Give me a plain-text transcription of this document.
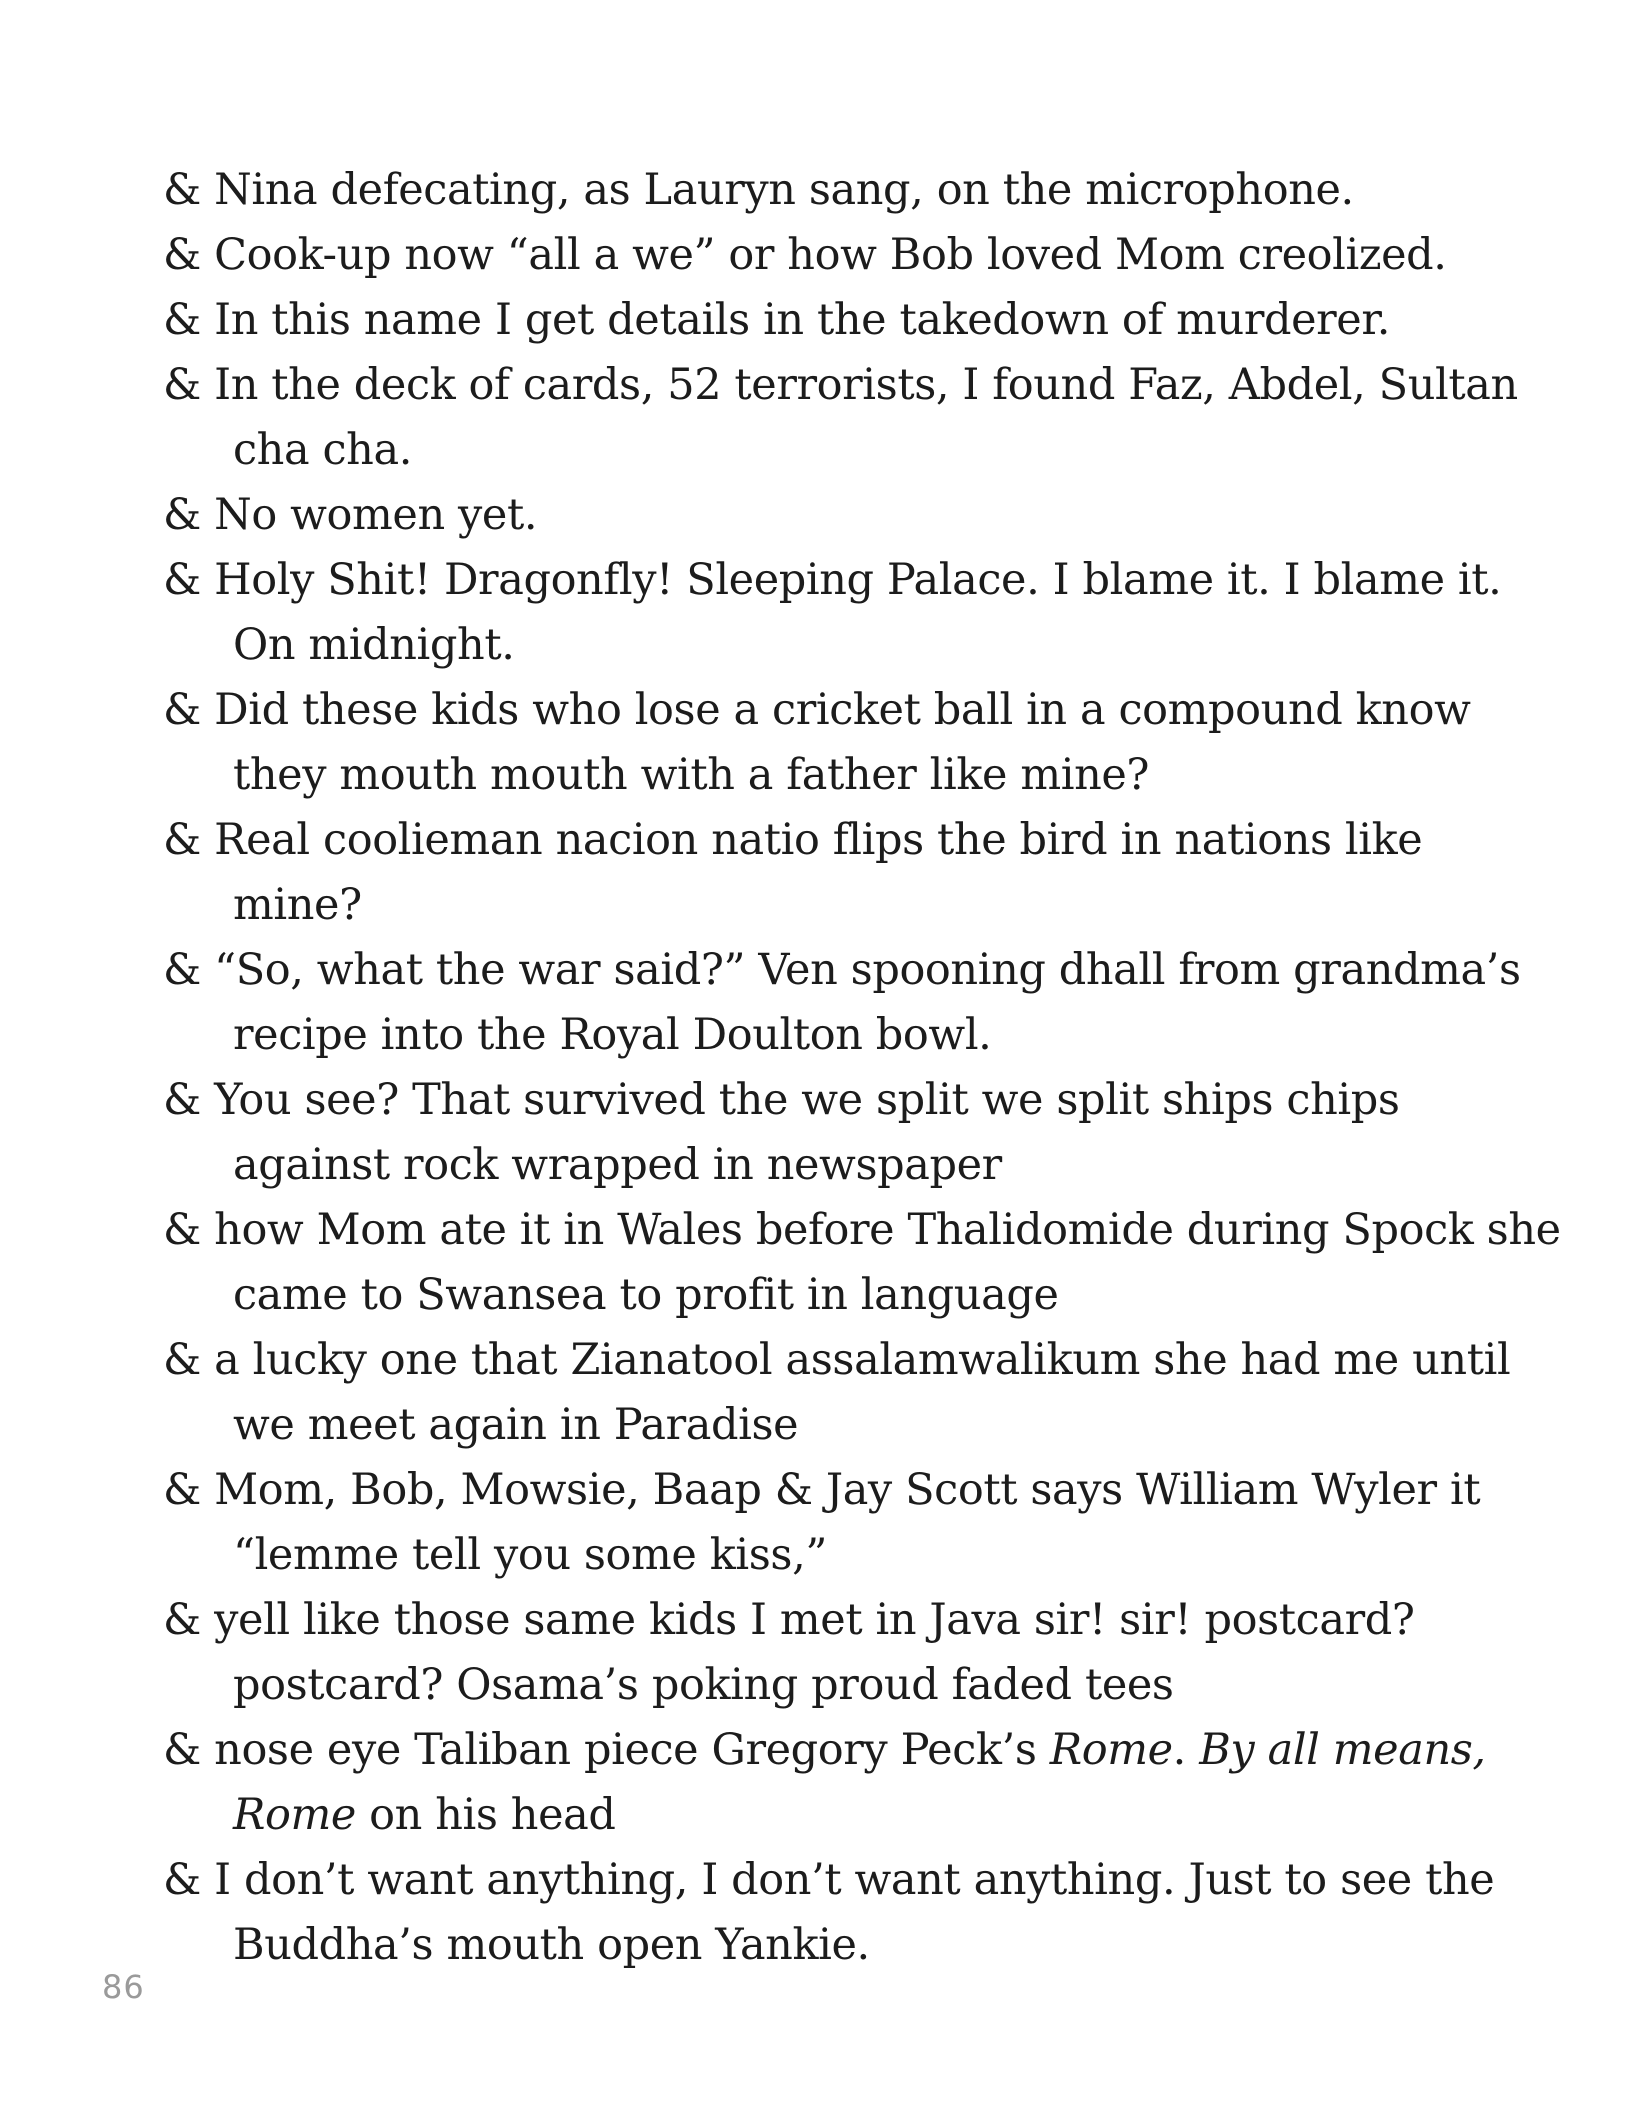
& Nina defecating, as Lauryn sang, on the microphone.
& Cook-up now “all a we” or how Bob loved Mom creolized.
& In this name I get details in the takedown of murderer.
& In the deck of cards, 52 terrorists, I found Faz, Abdel, Sultan cha cha.
& No women yet.
& Holy Shit! Dragonfly! Sleeping Palace. I blame it. I blame it. On midnight.
& Did these kids who lose a cricket ball in a compound know they mouth mouth with a father like mine?
& Real coolieman nacion natio flips the bird in nations like mine?
& “So, what the war said?” Ven spooning dhall from grandma’s recipe into the Royal Doulton bowl.
& You see? That survived the we split we split ships chips against rock wrapped in newspaper
& how Mom ate it in Wales before Thalidomide during Spock she came to Swansea to profit in language
& a lucky one that Zianatool assalamwalikum she had me until we meet again in Paradise
& Mom, Bob, Mowsie, Baap & Jay Scott says William Wyler it “lemme tell you some kiss,”
& yell like those same kids I met in Java sir! sir! postcard? postcard? Osama’s poking proud faded tees
& nose eye Taliban piece Gregory Peck’s Rome. By all means, Rome on his head
& I don’t want anything, I don’t want anything. Just to see the Buddha’s mouth open Yankie.
86
